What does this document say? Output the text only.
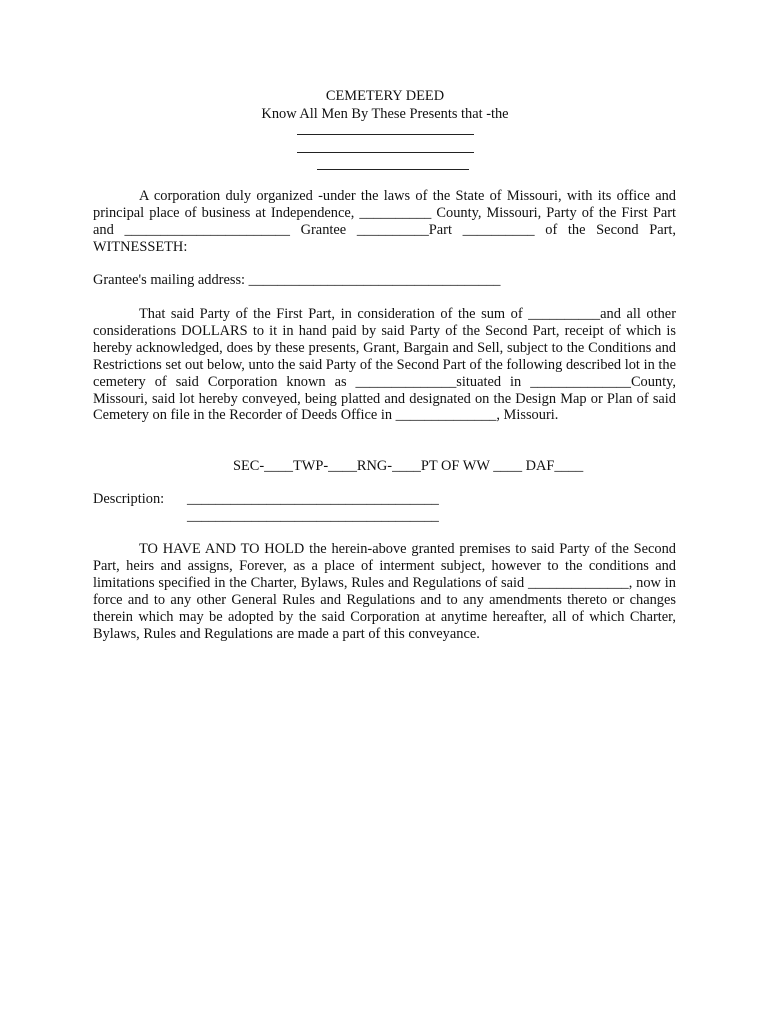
CEMETERY DEED
Know All Men By These Presents that -the

A corporation duly organized -under the laws of the State of Missouri, with its office and principal place of business at Independence, __________ County, Missouri, Party of the First Part and _______________________ Grantee __________Part __________ of the Second Part, WITNESSETH:

Grantee's mailing address: ___________________________________

That said Party of the First Part, in consideration of the sum of __________and all other considerations DOLLARS to it in hand paid by said Party of the Second Part, receipt of which is hereby acknowledged, does by these presents, Grant, Bargain and Sell, subject to the Conditions and Restrictions set out below, unto the said Party of the Second Part of the following described lot in the cemetery of said Corporation known as ______________situated in ______________County, Missouri, said lot hereby conveyed, being platted and designated on the Design Map or Plan of said Cemetery on file in the Recorder of Deeds Office in ______________, Missouri.

SEC-____TWP-____RNG-____PT OF WW ____ DAF____
Description: ___________________________________
___________________________________

TO HAVE AND TO HOLD the herein-above granted premises to said Party of the Second Part, heirs and assigns, Forever, as a place of interment subject, however to the conditions and limitations specified in the Charter, Bylaws, Rules and Regulations of said ______________, now in force and to any other General Rules and Regulations and to any amendments thereto or changes therein which may be adopted by the said Corporation at anytime hereafter, all of which Charter, Bylaws, Rules and Regulations are made a part of this conveyance.
